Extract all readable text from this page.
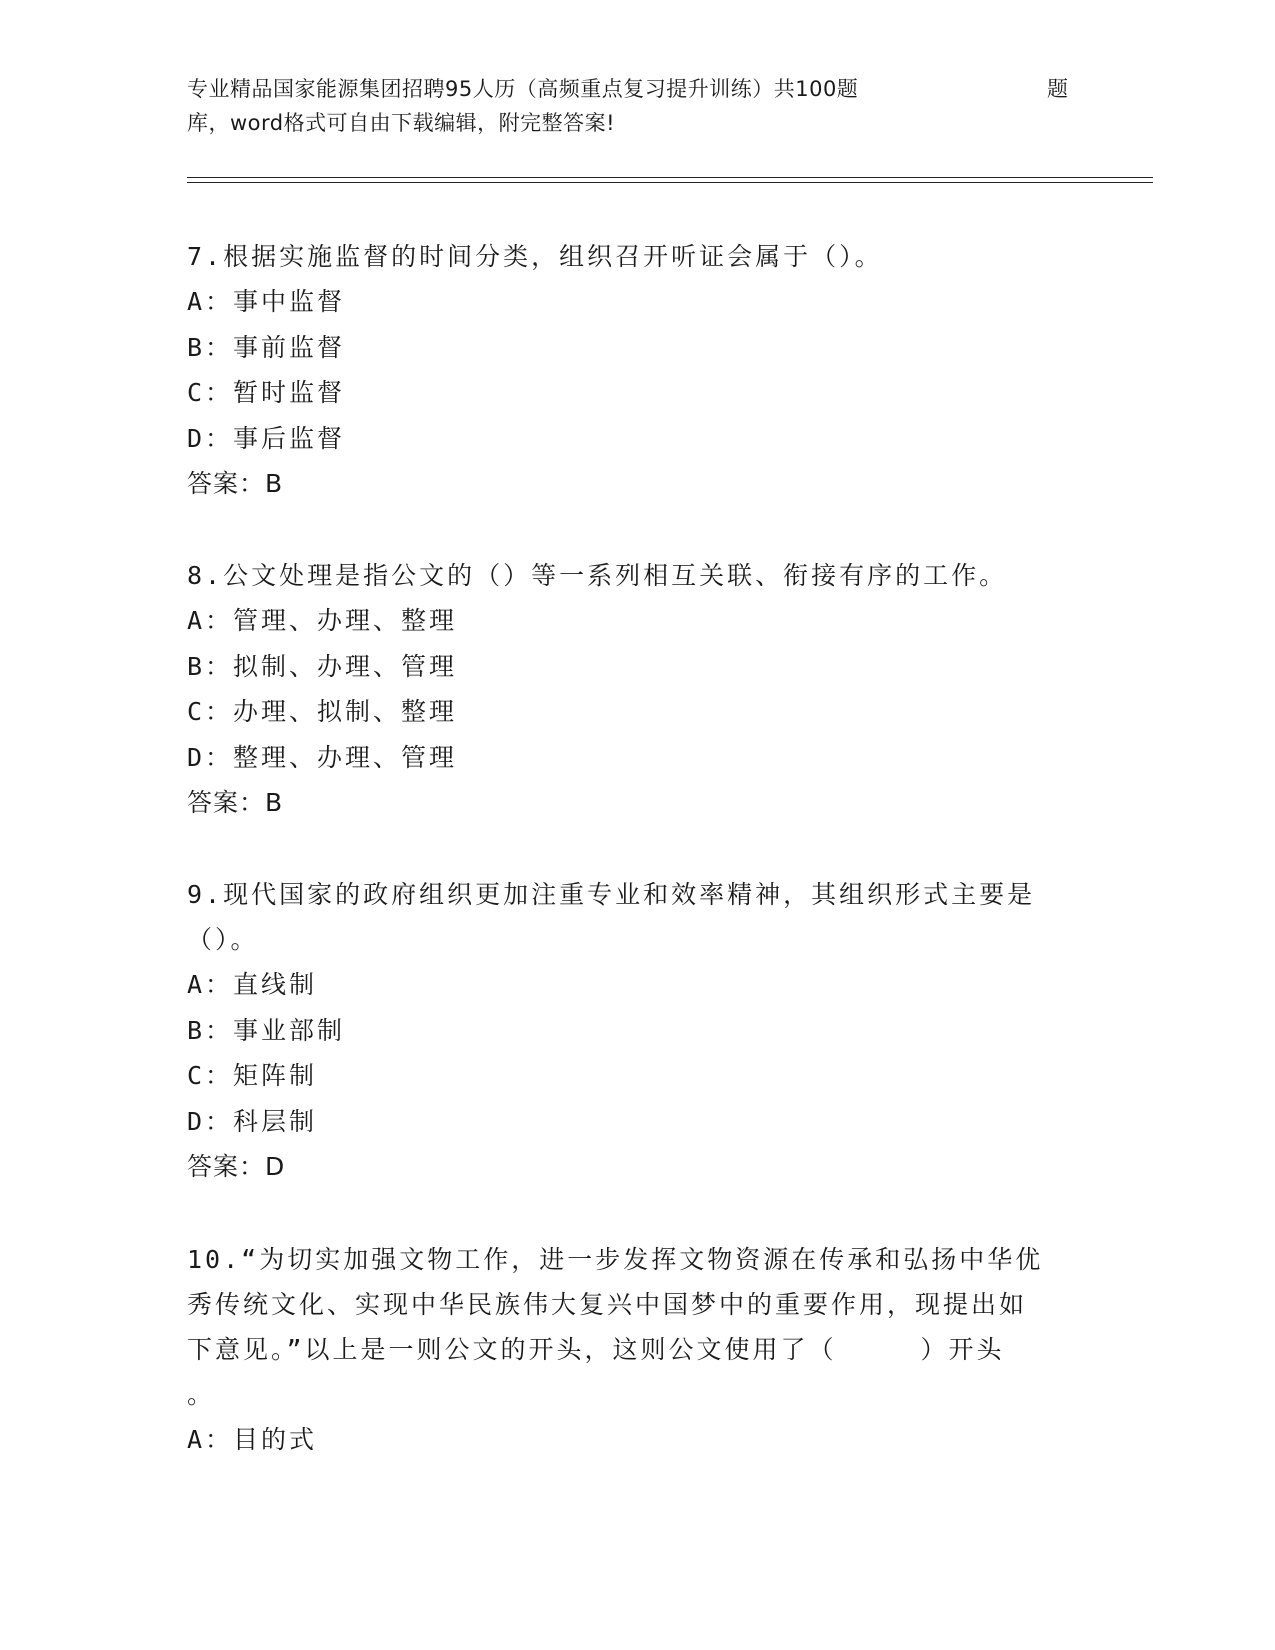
专业精品国家能源集团招聘95人历（高频重点复习提升训练）共100题	题
库，word格式可自由下载编辑，附完整答案!
7.根据实施监督的时间分类，组织召开听证会属于（）。
A：事中监督
B：事前监督
C：暂时监督
D：事后监督
答案：B
8.公文处理是指公文的（）等一系列相互关联、衔接有序的工作。
A：管理、办理、整理
B：拟制、办理、管理
C：办理、拟制、整理
D：整理、办理、管理
答案：B
9.现代国家的政府组织更加注重专业和效率精神，其组织形式主要是
（）。
A：直线制
B：事业部制
C：矩阵制
D：科层制
答案：D
10.“为切实加强文物工作，进一步发挥文物资源在传承和弘扬中华优
秀传统文化、实现中华民族伟大复兴中国梦中的重要作用，现提出如
下意见。”以上是一则公文的开头，这则公文使用了（　　　）开头
。
A：目的式
